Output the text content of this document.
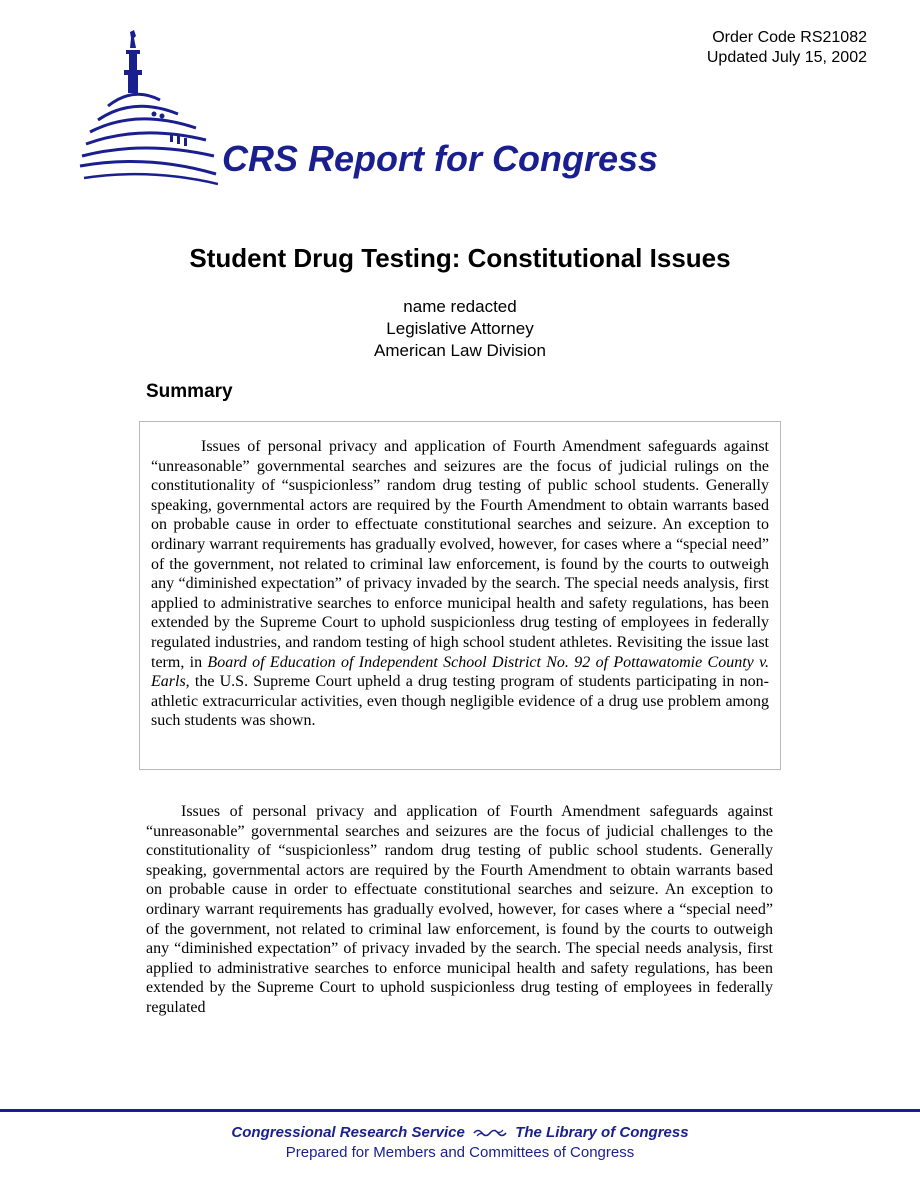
Order Code RS21082
Updated July 15, 2002
CRS Report for Congress
Student Drug Testing: Constitutional Issues
name redacted
Legislative Attorney
American Law Division
Summary

Issues of personal privacy and application of Fourth Amendment safeguards against “unreasonable” governmental searches and seizures are the focus of judicial rulings on the constitutionality of “suspicionless” random drug testing of public school students. Generally speaking, governmental actors are required by the Fourth Amendment to obtain warrants based on probable cause in order to effectuate constitutional searches and seizure. An exception to ordinary warrant requirements has gradually evolved, however, for cases where a “special need” of the government, not related to criminal law enforcement, is found by the courts to outweigh any “diminished expectation” of privacy invaded by the search. The special needs analysis, first applied to administrative searches to enforce municipal health and safety regulations, has been extended by the Supreme Court to uphold suspicionless drug testing of employees in federally regulated industries, and random testing of high school student athletes. Revisiting the issue last term, in Board of Education of Independent School District No. 92 of Pottawatomie County v. Earls, the U.S. Supreme Court upheld a drug testing program of students participating in non-athletic extracurricular activities, even though negligible evidence of a drug use problem among such students was shown.

Issues of personal privacy and application of Fourth Amendment safeguards against “unreasonable” governmental searches and seizures are the focus of judicial challenges to the constitutionality of “suspicionless” random drug testing of public school students. Generally speaking, governmental actors are required by the Fourth Amendment to obtain warrants based on probable cause in order to effectuate constitutional searches and seizure. An exception to ordinary warrant requirements has gradually evolved, however, for cases where a “special need” of the government, not related to criminal law enforcement, is found by the courts to outweigh any “diminished expectation” of privacy invaded by the search. The special needs analysis, first applied to administrative searches to enforce municipal health and safety regulations, has been extended by the Supreme Court to uphold suspicionless drug testing of employees in federally regulated

Congressional Research Service	The Library of Congress
Prepared for Members and Committees of Congress
